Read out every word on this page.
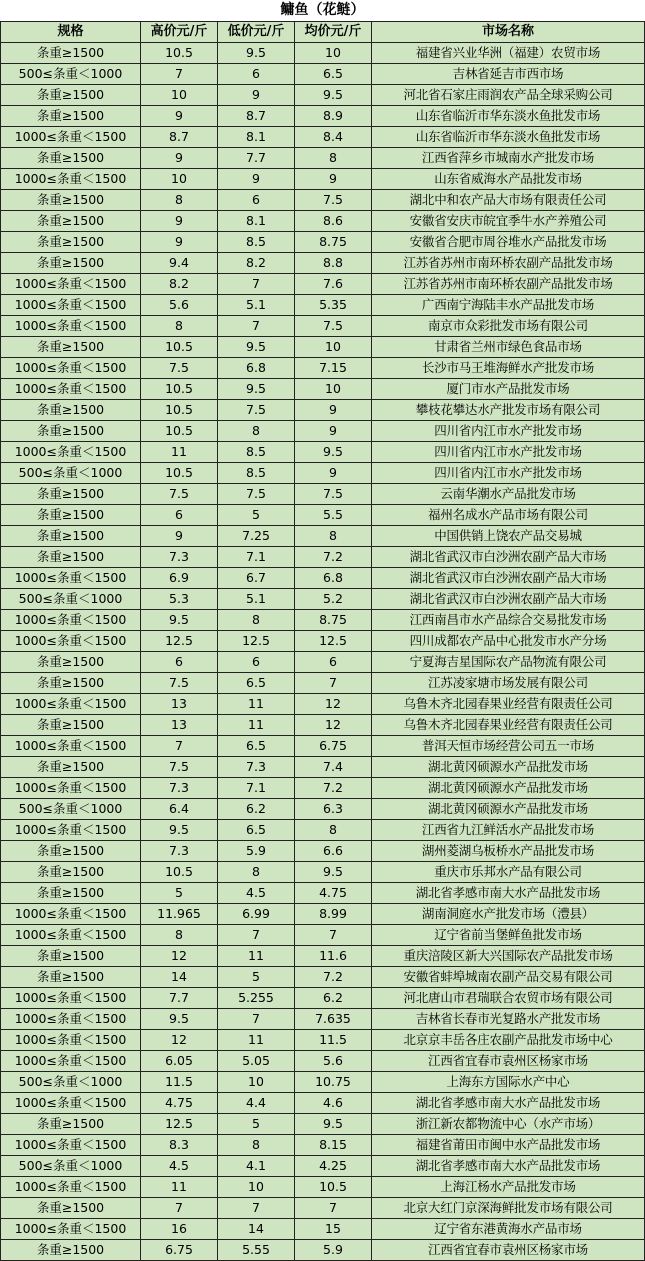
鳙鱼（花鲢）
规格	高价元/斤	低价元/斤	均价元/斤	市场名称
条重≥1500	10.5	9.5	10	福建省兴业华洲（福建）农贸市场
500≤条重＜1000	7	6	6.5	吉林省延吉市西市场
条重≥1500	10	9	9.5	河北省石家庄雨润农产品全球采购公司
条重≥1500	9	8.7	8.9	山东省临沂市华东淡水鱼批发市场
1000≤条重＜1500	8.7	8.1	8.4	山东省临沂市华东淡水鱼批发市场
条重≥1500	9	7.7	8	江西省萍乡市城南水产批发市场
1000≤条重＜1500	10	9	9	山东省威海水产品批发市场
条重≥1500	8	6	7.5	湖北中和农产品大市场有限责任公司
条重≥1500	9	8.1	8.6	安徽省安庆市皖宜季牛水产养殖公司
条重≥1500	9	8.5	8.75	安徽省合肥市周谷堆水产品批发市场
条重≥1500	9.4	8.2	8.8	江苏省苏州市南环桥农副产品批发市场
1000≤条重＜1500	8.2	7	7.6	江苏省苏州市南环桥农副产品批发市场
1000≤条重＜1500	5.6	5.1	5.35	广西南宁海陆丰水产品批发市场
1000≤条重＜1500	8	7	7.5	南京市众彩批发市场有限公司
条重≥1500	10.5	9.5	10	甘肃省兰州市绿色食品市场
1000≤条重＜1500	7.5	6.8	7.15	长沙市马王堆海鲜水产批发市场
1000≤条重＜1500	10.5	9.5	10	厦门市水产品批发市场
条重≥1500	10.5	7.5	9	攀枝花攀达水产批发市场有限公司
条重≥1500	10.5	8	9	四川省内江市水产批发市场
1000≤条重＜1500	11	8.5	9.5	四川省内江市水产批发市场
500≤条重＜1000	10.5	8.5	9	四川省内江市水产批发市场
条重≥1500	7.5	7.5	7.5	云南华潮水产品批发市场
条重≥1500	6	5	5.5	福州名成水产品市场有限公司
条重≥1500	9	7.25	8	中国供销上饶农产品交易城
条重≥1500	7.3	7.1	7.2	湖北省武汉市白沙洲农副产品大市场
1000≤条重＜1500	6.9	6.7	6.8	湖北省武汉市白沙洲农副产品大市场
500≤条重＜1000	5.3	5.1	5.2	湖北省武汉市白沙洲农副产品大市场
1000≤条重＜1500	9.5	8	8.75	江西南昌市水产品综合交易批发市场
1000≤条重＜1500	12.5	12.5	12.5	四川成都农产品中心批发市水产分场
条重≥1500	6	6	6	宁夏海吉星国际农产品物流有限公司
条重≥1500	7.5	6.5	7	江苏凌家塘市场发展有限公司
1000≤条重＜1500	13	11	12	乌鲁木齐北园春果业经营有限责任公司
条重≥1500	13	11	12	乌鲁木齐北园春果业经营有限责任公司
1000≤条重＜1500	7	6.5	6.75	普洱天恒市场经营公司五一市场
条重≥1500	7.5	7.3	7.4	湖北黄冈硕源水产品批发市场
1000≤条重＜1500	7.3	7.1	7.2	湖北黄冈硕源水产品批发市场
500≤条重＜1000	6.4	6.2	6.3	湖北黄冈硕源水产品批发市场
1000≤条重＜1500	9.5	6.5	8	江西省九江鲜活水产品批发市场
条重≥1500	7.3	5.9	6.6	湖州菱湖乌板桥水产品批发市场
条重≥1500	10.5	8	9.5	重庆市乐邦水产品有限公司
条重≥1500	5	4.5	4.75	湖北省孝感市南大水产品批发市场
1000≤条重＜1500	11.965	6.99	8.99	湖南洞庭水产批发市场（澧县）
1000≤条重＜1500	8	7	7	辽宁省前当堡鲜鱼批发市场
条重≥1500	12	11	11.6	重庆涪陵区新大兴国际农产品批发市场
条重≥1500	14	5	7.2	安徽省蚌埠城南农副产品交易有限公司
1000≤条重＜1500	7.7	5.255	6.2	河北唐山市君瑞联合农贸市场有限公司
1000≤条重＜1500	9.5	7	7.635	吉林省长春市光复路水产批发市场
1000≤条重＜1500	12	11	11.5	北京京丰岳各庄农副产品批发市场中心
1000≤条重＜1500	6.05	5.05	5.6	江西省宜春市袁州区杨家市场
500≤条重＜1000	11.5	10	10.75	上海东方国际水产中心
1000≤条重＜1500	4.75	4.4	4.6	湖北省孝感市南大水产品批发市场
条重≥1500	12.5	5	9.5	浙江新农都物流中心（水产市场）
1000≤条重＜1500	8.3	8	8.15	福建省莆田市闽中水产品批发市场
500≤条重＜1000	4.5	4.1	4.25	湖北省孝感市南大水产品批发市场
1000≤条重＜1500	11	10	10.5	上海江杨水产品批发市场
条重≥1500	7	7	7	北京大红门京深海鲜批发市场有限公司
1000≤条重＜1500	16	14	15	辽宁省东港黄海水产品市场
条重≥1500	6.75	5.55	5.9	江西省宜春市袁州区杨家市场
